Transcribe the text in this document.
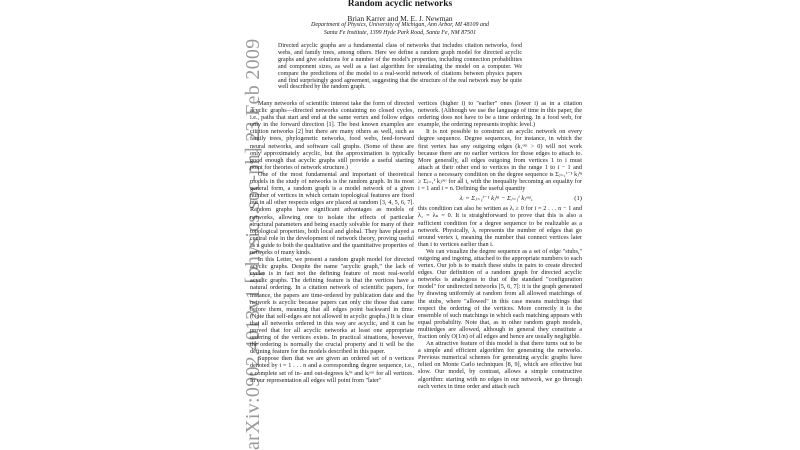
arXiv:0902.4013v1 [physics.soc-ph] 23 Feb 2009
Random acyclic networks
Brian Karrer and M. E. J. Newman
Department of Physics, University of Michigan, Ann Arbor, MI 48109 and
Santa Fe Institute, 1399 Hyde Park Road, Santa Fe, NM 87501

Directed acyclic graphs are a fundamental class of networks that includes citation networks, food webs, and family trees, among others. Here we define a random graph model for directed acyclic graphs and give solutions for a number of the model's properties, including connection probabilities and component sizes, as well as a fast algorithm for simulating the model on a computer. We compare the predictions of the model to a real-world network of citations between physics papers and find surprisingly good agreement, suggesting that the structure of the real network may be quite well described by the random graph.

Many networks of scientific interest take the form of directed acyclic graphs—directed networks containing no closed cycles, i.e., paths that start and end at the same vertex and follow edges only in the forward direction [1]. The best known examples are citation networks [2] but there are many others as well, such as family trees, phylogenetic networks, food webs, feed-forward neural networks, and software call graphs. (Some of these are only approximately acyclic, but the approximation is typically good enough that acyclic graphs still provide a useful starting point for theories of network structure.)

One of the most fundamental and important of theoretical models in the study of networks is the random graph. In its most general form, a random graph is a model network of a given number of vertices in which certain topological features are fixed but in all other respects edges are placed at random [3, 4, 5, 6, 7]. Random graphs have significant advantages as models of networks, allowing one to isolate the effects of particular structural parameters and being exactly solvable for many of their topological properties, both local and global. They have played a central role in the development of network theory, proving useful as a guide to both the qualitative and the quantitative properties of networks of many kinds.

In this Letter, we present a random graph model for directed acyclic graphs. Despite the name "acyclic graph," the lack of cycles is in fact not the defining feature of most real-world acyclic graphs. The defining feature is that the vertices have a natural ordering. In a citation network of scientific papers, for instance, the papers are time-ordered by publication date and the network is acyclic because papers can only cite those that came before them, meaning that all edges point backward in time. (Note that self-edges are not allowed in acyclic graphs.) It is clear that all networks ordered in this way are acyclic, and it can be proved that for all acyclic networks at least one appropriate ordering of the vertices exists. In practical situations, however, the ordering is normally the crucial property and it will be the defining feature for the models described in this paper.

Suppose then that we are given an ordered set of n vertices denoted by i = 1 . . . n and a corresponding degree sequence, i.e., a complete set of in- and out-degrees kᵢⁱⁿ and kᵢᵒᵘᵗ for all vertices. In our representation all edges will point from "later"

vertices (higher i) to "earlier" ones (lower i) as in a citation network. (Although we use the language of time in this paper, the ordering does not have to be a time ordering. In a food web, for example, the ordering represents trophic level.)

It is not possible to construct an acyclic network on every degree sequence. Degree sequences, for instance, in which the first vertex has any outgoing edges (k₁ᵒᵘᵗ > 0) will not work because there are no earlier vertices for those edges to attach to. More generally, all edges outgoing from vertices 1 to i must attach at their other end to vertices in the range 1 to i − 1 and hence a necessary condition on the degree sequence is Σⱼ₌₁ⁱ⁻¹ kⱼⁱⁿ ≥ Σⱼ₌₁ⁱ kⱼᵒᵘᵗ for all i, with the inequality becoming an equality for i = 1 and i = n. Defining the useful quantity

λᵢ = Σⱼ₌₁ⁱ⁻¹ kⱼⁱⁿ − Σⱼ₌₁ⁱ kⱼᵒᵘᵗ,	(1)

this condition can also be written as λᵢ ≥ 0 for i = 2 . . . n − 1 and λ₁ = λₙ = 0. It is straightforward to prove that this is also a sufficient condition for a degree sequence to be realizable as a network. Physically, λᵢ represents the number of edges that go around vertex i, meaning the number that connect vertices later than i to vertices earlier than i.

We can visualize the degree sequence as a set of edge "stubs," outgoing and ingoing, attached to the appropriate numbers to each vertex. Our job is to match these stubs in pairs to create directed edges. Our definition of a random graph for directed acyclic networks is analogous to that of the standard "configuration model" for undirected networks [5, 6, 7]: it is the graph generated by drawing uniformly at random from all allowed matchings of the stubs, where "allowed" in this case means matchings that respect the ordering of the vertices. More correctly it is the ensemble of such matchings in which each matching appears with equal probability. Note that, as in other random graph models, multiedges are allowed, although in general they constitute a fraction only O(1/n) of all edges and hence are usually negligible.

An attractive feature of this model is that there turns out to be a simple and efficient algorithm for generating the networks. Previous numerical schemes for generating acyclic graphs have relied on Monte Carlo techniques [8, 9], which are effective but slow. Our model, by contrast, allows a simple constructive algorithm: starting with no edges in our network, we go through each vertex in time order and attach each
